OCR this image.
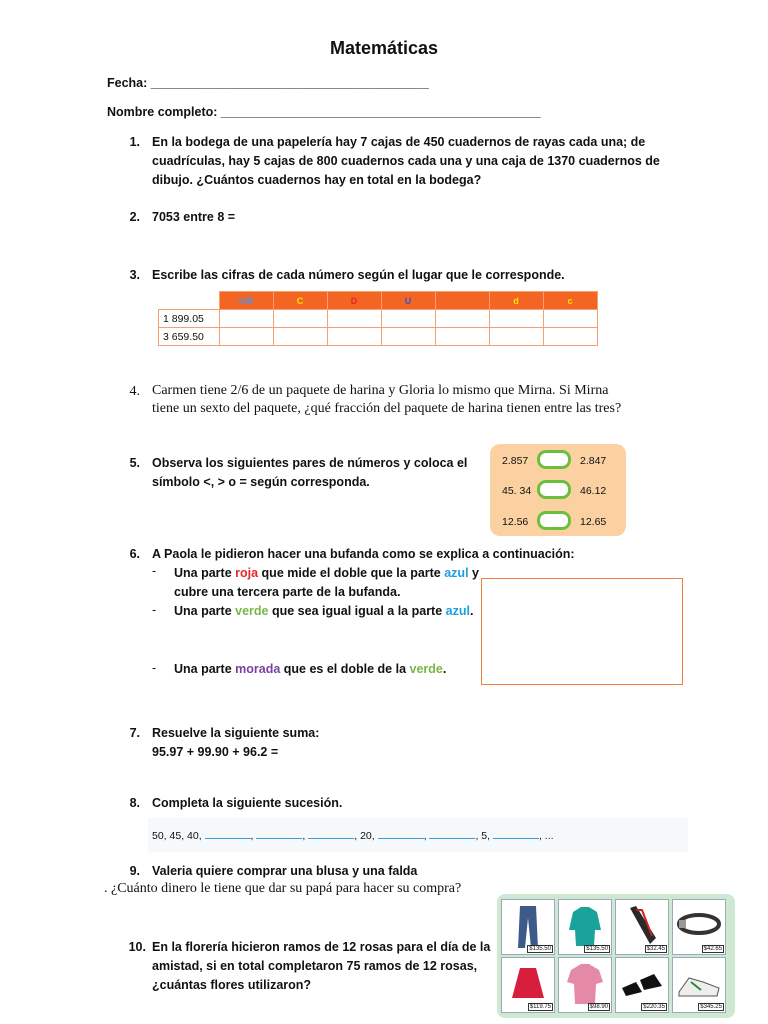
Matemáticas
Fecha: ________________________________________
Nombre completo: ______________________________________________
1. En la bodega de una papelería hay 7 cajas de 450 cuadernos de rayas cada una; de
cuadrículas, hay 5 cajas de 800 cuadernos cada una y una caja de 1370 cuadernos de
dibujo. ¿Cuántos cuadernos hay en total en la bodega?
2. 7053 entre 8 =
3. Escribe las cifras de cada número según el lugar que le corresponde.
	UM	C	D	U	.	d	c
1 899.05							
3 659.50							
4. Carmen tiene 2/6 de un paquete de harina y Gloria lo mismo que Mirna. Si Mirna
tiene un sexto del paquete, ¿qué fracción del paquete de harina tienen entre las tres?
5. Observa los siguientes pares de números y coloca el
símbolo <, > o = según corresponda.
2.857	2.847
45. 34	46.12
12.56	12.65
6. A Paola le pidieron hacer una bufanda como se explica a continuación:
- Una parte roja que mide el doble que la parte azul y
cubre una tercera parte de la bufanda.
- Una parte verde que sea igual igual a la parte azul.
- Una parte morada que es el doble de la verde.
7. Resuelve la siguiente suma:
95.97 + 99.90 + 96.2 =
8. Completa la siguiente sucesión.
50, 45, 40,	,	,	, 20,	,	, 5,	, ...
9. Valeria quiere comprar una blusa y una falda
. ¿Cuánto dinero le tiene que dar su papá para hacer su compra?
$135.50	$135.50	$32.45	$42.65
$119.75	$98.90	$220.35	$345.25
10. En la florería hicieron ramos de 12 rosas para el día de la
amistad, si en total completaron 75 ramos de 12 rosas,
¿cuántas flores utilizaron?
